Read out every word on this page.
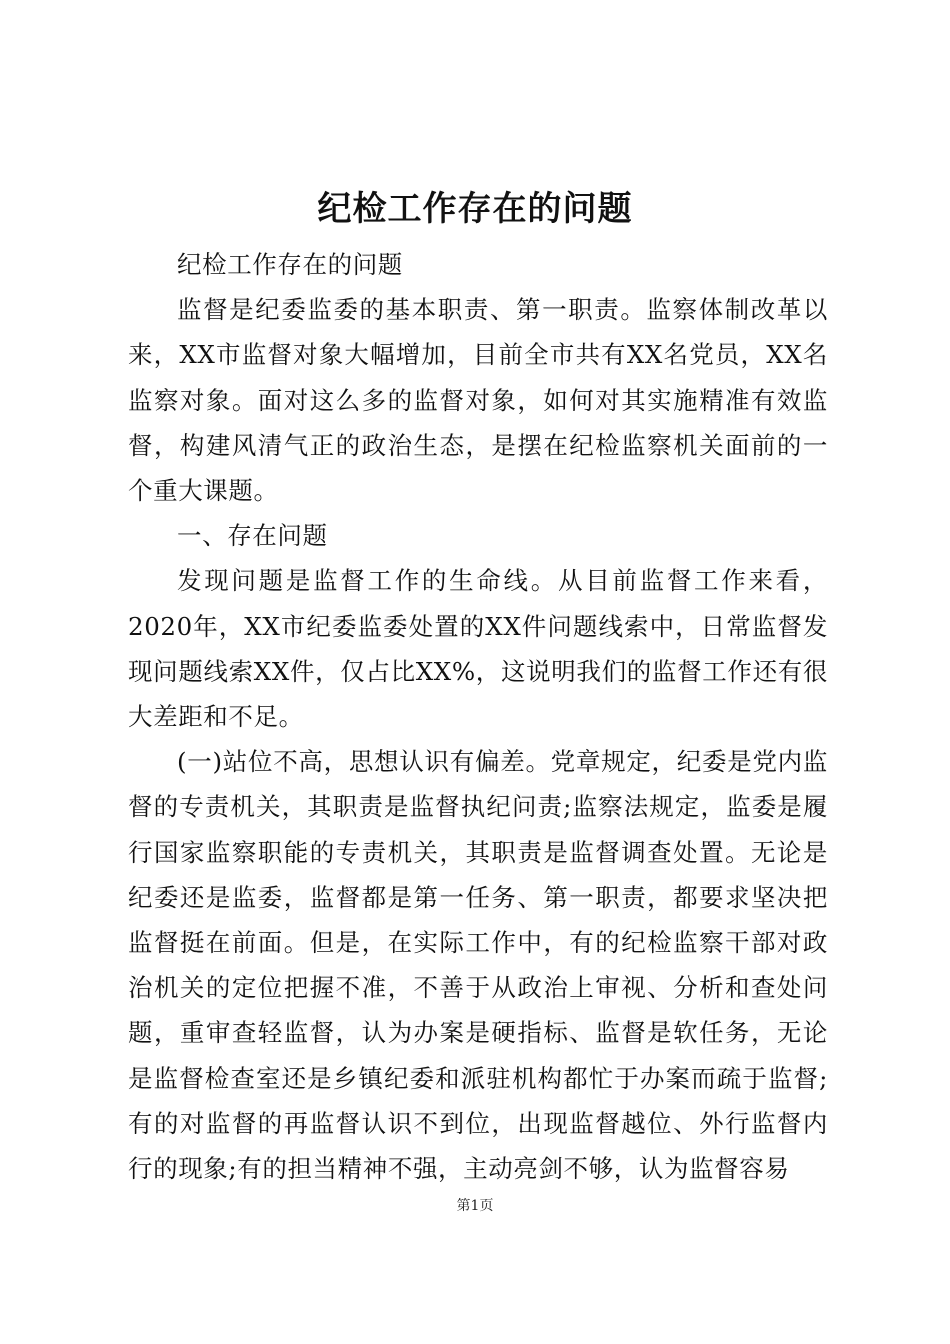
纪检工作存在的问题

纪检工作存在的问题

监督是纪委监委的基本职责、第一职责。监察体制改革以来，XX市监督对象大幅增加，目前全市共有XX名党员，XX名监察对象。面对这么多的监督对象，如何对其实施精准有效监督，构建风清气正的政治生态，是摆在纪检监察机关面前的一个重大课题。

一、存在问题

发现问题是监督工作的生命线。从目前监督工作来看，2020年，XX市纪委监委处置的XX件问题线索中，日常监督发现问题线索XX件，仅占比XX%，这说明我们的监督工作还有很大差距和不足。

(一)站位不高，思想认识有偏差。党章规定，纪委是党内监督的专责机关，其职责是监督执纪问责;监察法规定，监委是履行国家监察职能的专责机关，其职责是监督调查处置。无论是纪委还是监委，监督都是第一任务、第一职责，都要求坚决把监督挺在前面。但是，在实际工作中，有的纪检监察干部对政治机关的定位把握不准，不善于从政治上审视、分析和查处问题，重审查轻监督，认为办案是硬指标、监督是软任务，无论是监督检查室还是乡镇纪委和派驻机构都忙于办案而疏于监督;有的对监督的再监督认识不到位，出现监督越位、外行监督内行的现象;有的担当精神不强，主动亮剑不够，认为监督容易

第1页
